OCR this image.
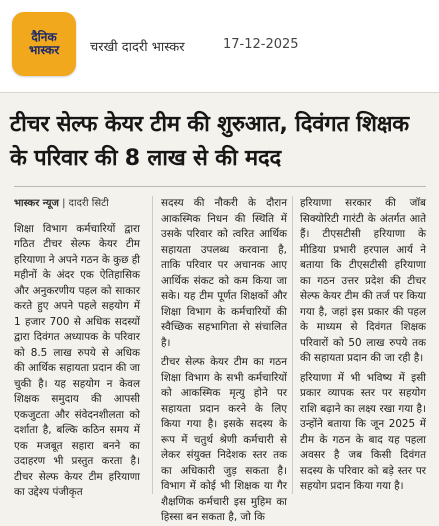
दैनिक
भास्कर चरखी दादरी भास्कर	17-12-2025
टीचर सेल्फ केयर टीम की शुरुआत, दिवंगत शिक्षक के परिवार की 8 लाख से की मदद
भास्कर न्यूज | दादरी सिटी

शिक्षा विभाग कर्मचारियों द्वारा गठित टीचर सेल्फ केयर टीम हरियाणा ने अपने गठन के कुछ ही महीनों के अंदर एक ऐतिहासिक और अनुकरणीय पहल को साकार करते हुए अपने पहले सहयोग में 1 हजार 700 से अधिक सदस्यों द्वारा दिवंगत अध्यापक के परिवार को 8.5 लाख रुपये से अधिक की आर्थिक सहायता प्रदान की जा चुकी है। यह सहयोग न केवल शिक्षक समुदाय की आपसी एकजुटता और संवेदनशीलता को दर्शाता है, बल्कि कठिन समय में एक मजबूत सहारा बनने का उदाहरण भी प्रस्तुत करता है। टीचर सेल्फ केयर टीम हरियाणा का उद्देश्य पंजीकृत

सदस्य की नौकरी के दौरान आकस्मिक निधन की स्थिति में उसके परिवार को त्वरित आर्थिक सहायता उपलब्ध करवाना है, ताकि परिवार पर अचानक आए आर्थिक संकट को कम किया जा सके। यह टीम पूर्णत शिक्षकों और शिक्षा विभाग के कर्मचारियों की स्वैच्छिक सहभागिता से संचालित है।

टीचर सेल्फ केयर टीम का गठन शिक्षा विभाग के सभी कर्मचारियों को आकस्मिक मृत्यु होने पर सहायता प्रदान करने के लिए किया गया है। इसके सदस्य के रूप में चतुर्थ श्रेणी कर्मचारी से लेकर संयुक्त निदेशक स्तर तक का अधिकारी जुड़ सकता है। विभाग में कोई भी शिक्षक या गैर शैक्षणिक कर्मचारी इस मुहिम का हिस्सा बन सकता है, जो कि

हरियाणा सरकार की जॉब सिक्योरिटी गारंटी के अंतर्गत आते हैं। टीएसटीसी हरियाणा के मीडिया प्रभारी हरपाल आर्य ने बताया कि टीएसटीसी हरियाणा का गठन उत्तर प्रदेश की टीचर सेल्फ केयर टीम की तर्ज पर किया गया है, जहां इस प्रकार की पहल के माध्यम से दिवंगत शिक्षक परिवारों को 50 लाख रुपये तक की सहायता प्रदान की जा रही है।

हरियाणा में भी भविष्य में इसी प्रकार व्यापक स्तर पर सहयोग राशि बढ़ाने का लक्ष्य रखा गया है। उन्होंने बताया कि जून 2025 में टीम के गठन के बाद यह पहला अवसर है जब किसी दिवंगत सदस्य के परिवार को बड़े स्तर पर सहयोग प्रदान किया गया है।
